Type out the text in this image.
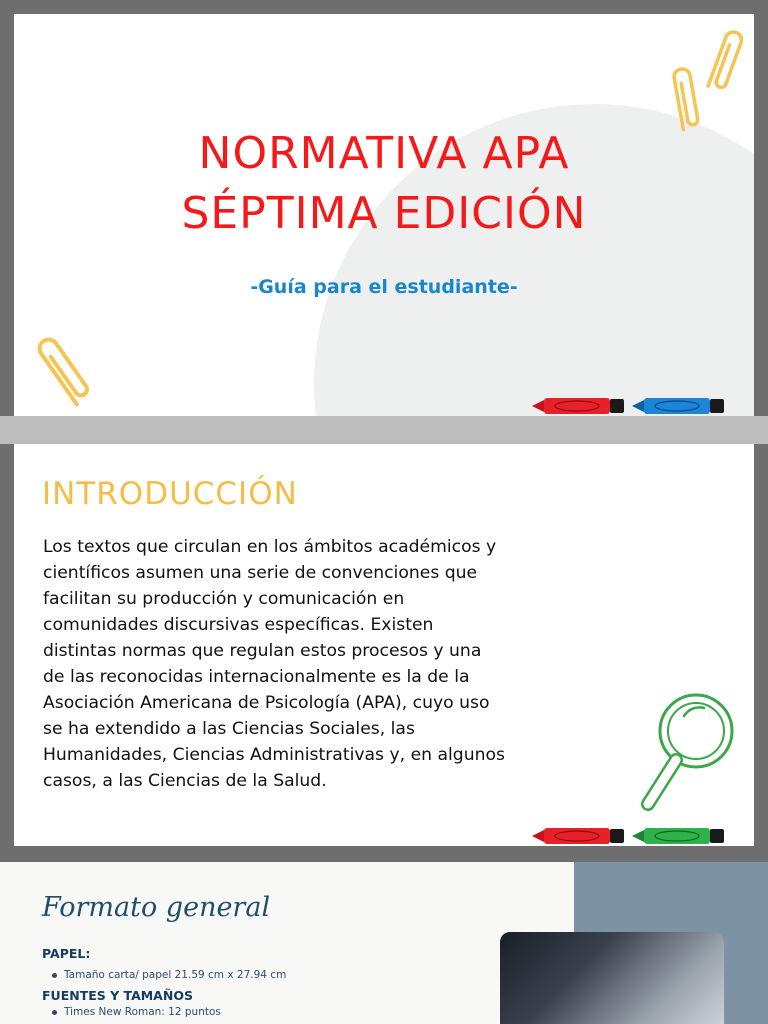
NORMATIVA APA
SÉPTIMA EDICIÓN
-Guía para el estudiante-
INTRODUCCIÓN
Los textos que circulan en los ámbitos académicos y
científicos asumen una serie de convenciones que
facilitan su producción y comunicación en
comunidades discursivas específicas. Existen
distintas normas que regulan estos procesos y una
de las reconocidas internacionalmente es la de la
Asociación Americana de Psicología (APA), cuyo uso
se ha extendido a las Ciencias Sociales, las
Humanidades, Ciencias Administrativas y, en algunos
casos, a las Ciencias de la Salud.
Formato general
PAPEL:
Tamaño carta/ papel 21.59 cm x 27.94 cm
FUENTES Y TAMAÑOS
Times New Roman: 12 puntos
